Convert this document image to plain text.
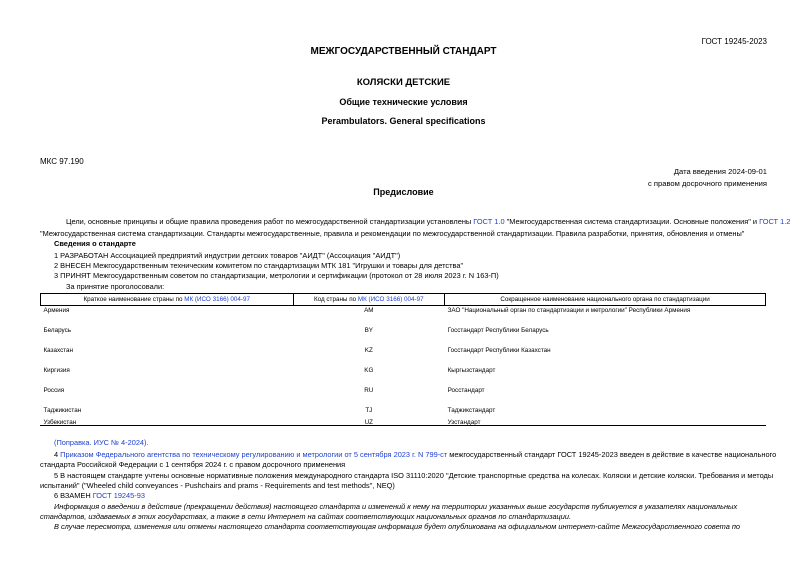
ГОСТ 19245-2023
МЕЖГОСУДАРСТВЕННЫЙ СТАНДАРТ
КОЛЯСКИ ДЕТСКИЕ
Общие технические условия
Perambulators. General specifications
МКС 97.190
Дата введения 2024-09-01
с правом досрочного применения
Предисловие
Цели, основные принципы и общие правила проведения работ по межгосударственной стандартизации установлены ГОСТ 1.0 "Межгосударственная система стандартизации. Основные положения" и ГОСТ 1.2
"Межгосударственная система стандартизации. Стандарты межгосударственные, правила и рекомендации по межгосударственной стандартизации. Правила разработки, принятия, обновления и отмены"
Сведения о стандарте
1 РАЗРАБОТАН Ассоциацией предприятий индустрии детских товаров "АИДТ" (Ассоциация "АИДТ")
2 ВНЕСЕН Межгосударственным техническим комитетом по стандартизации МТК 181 "Игрушки и товары для детства"
3 ПРИНЯТ Межгосударственным советом по стандартизации, метрологии и сертификации (протокол от 28 июля 2023 г. N 163-П)
За принятие проголосовали:
Краткое наименование страны по МК (ИСО 3166) 004-97	Код страны по МК (ИСО 3166) 004-97	Сокращенное наименование национального органа по стандартизации
Армения	AM	ЗАО "Национальный орган по стандартизации и метрологии" Республики Армения
Беларусь	BY	Госстандарт Республики Беларусь
Казахстан	KZ	Госстандарт Республики Казахстан
Киргизия	KG	Кыргызстандарт
Россия	RU	Росстандарт
Таджикистан	TJ	Таджикстандарт
Узбекистан	UZ	Узстандарт
(Поправка. ИУС № 4-2024).
4 Приказом Федерального агентства по техническому регулированию и метрологии от 5 сентября 2023 г. N 799-ст межгосударственный стандарт ГОСТ 19245-2023 введен в действие в качестве национального
стандарта Российской Федерации с 1 сентября 2024 г. с правом досрочного применения
5 В настоящем стандарте учтены основные нормативные положения международного стандарта ISO 31110:2020 "Детские транспортные средства на колесах. Коляски и детские коляски. Требования и методы
испытаний" ("Wheeled child conveyances - Pushchairs and prams - Requirements and test methods", NEQ)
6 ВЗАМЕН ГОСТ 19245-93
Информация о введении в действие (прекращении действия) настоящего стандарта и изменений к нему на территории указанных выше государств публикуется в указателях национальных
стандартов, издаваемых в этих государствах, а также в сети Интернет на сайтах соответствующих национальных органов по стандартизации.
В случае пересмотра, изменения или отмены настоящего стандарта соответствующая информация будет опубликована на официальном интернет-сайте Межгосударственного совета по
